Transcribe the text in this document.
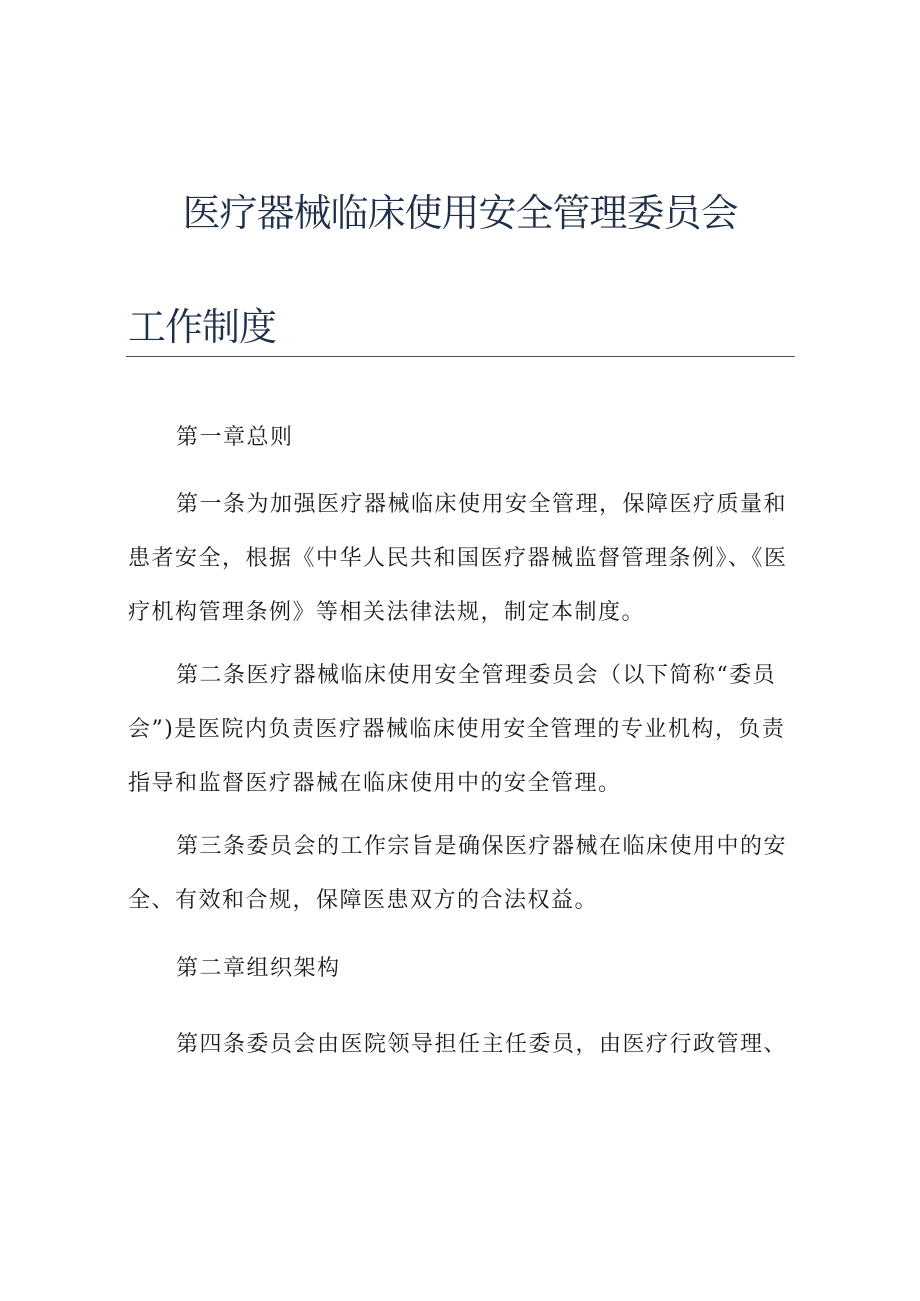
医疗器械临床使用安全管理委员会
工作制度

第一章总则

第一条为加强医疗器械临床使用安全管理，保障医疗质量和患者安全，根据《中华人民共和国医疗器械监督管理条例》、《医疗机构管理条例》等相关法律法规，制定本制度。

第二条医疗器械临床使用安全管理委员会（以下简称“委员会”)是医院内负责医疗器械临床使用安全管理的专业机构，负责指导和监督医疗器械在临床使用中的安全管理。

第三条委员会的工作宗旨是确保医疗器械在临床使用中的安全、有效和合规，保障医患双方的合法权益。

第二章组织架构

第四条委员会由医院领导担任主任委员，由医疗行政管理、
